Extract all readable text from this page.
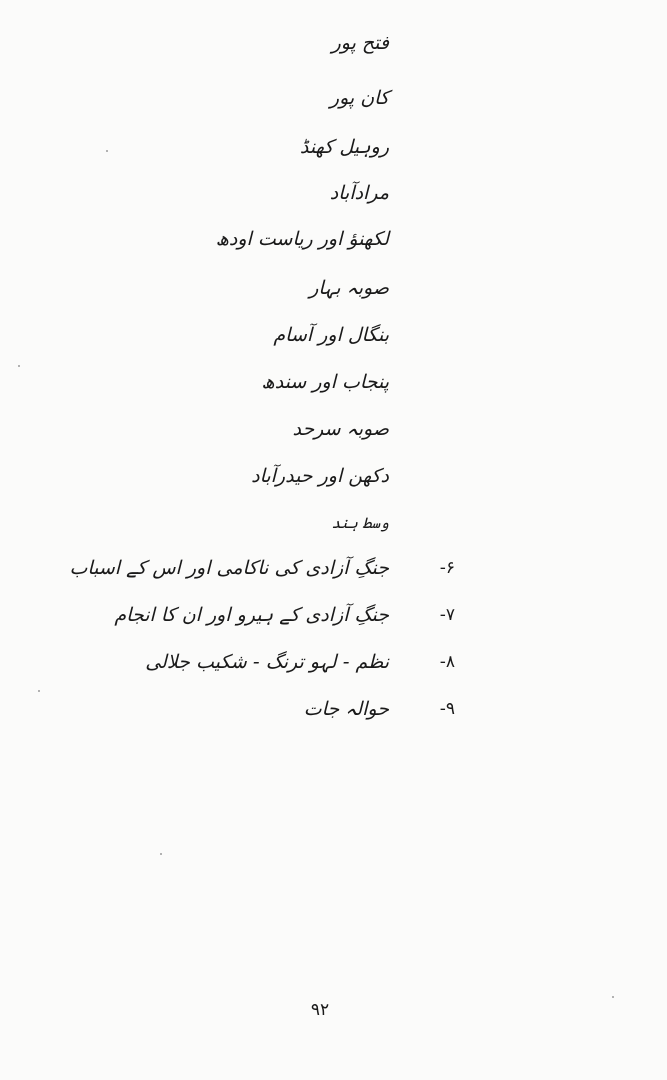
فتح پور
کان پور
روہیل کھنڈ
مرادآباد
لکھنؤ اور ریاست اودھ
صوبہ بہار
بنگال اور آسام
پنجاب اور سندھ
صوبہ سرحد
دکھن اور حیدرآباد
وسط ہند
۶-
جنگِ آزادی کی ناکامی اور اس کے اسباب
۷-
جنگِ آزادی کے ہیرو اور ان کا انجام
۸-
نظم - لہو ترنگ - شکیب جلالی
۹-
حوالہ جات
۹۲
